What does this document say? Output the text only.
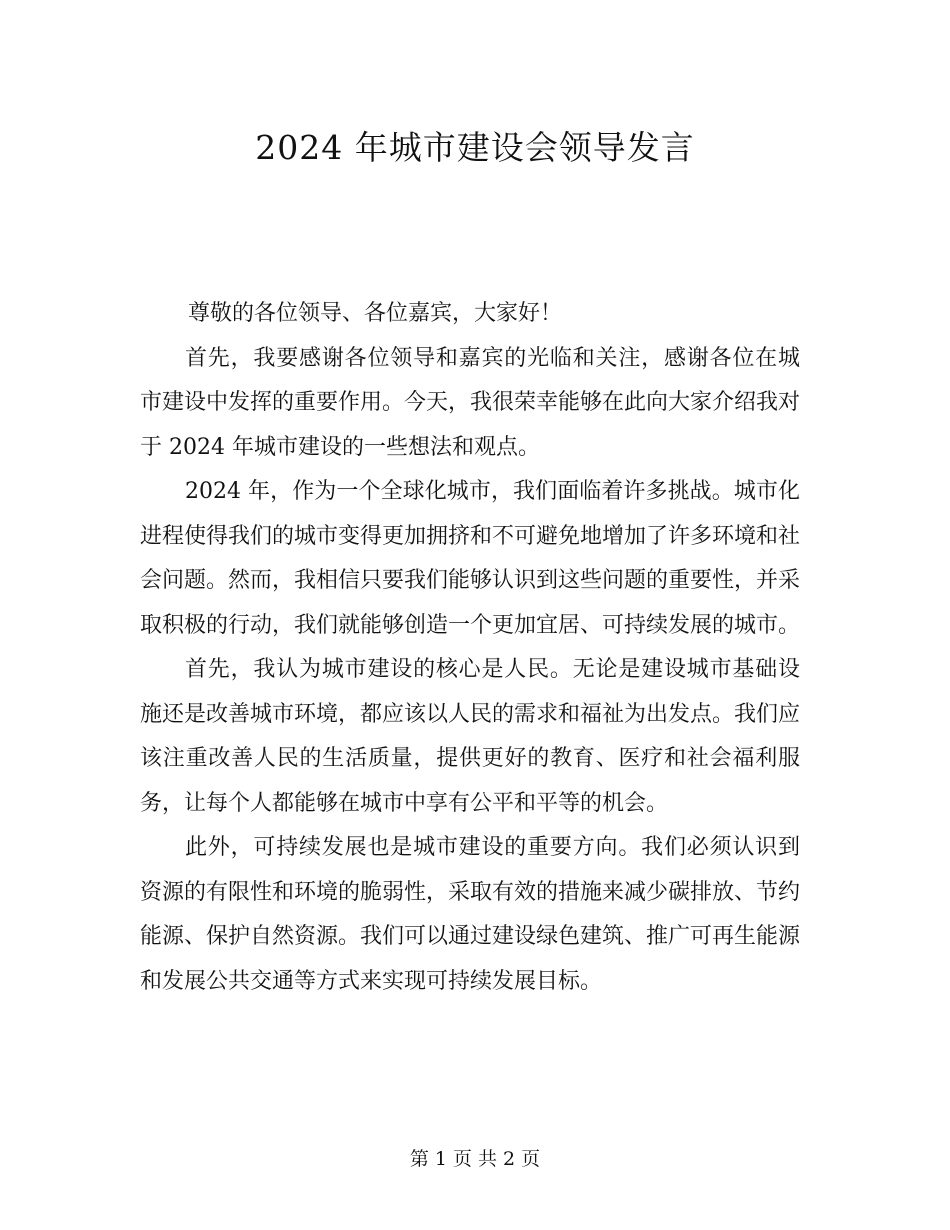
2024 年城市建设会领导发言

尊敬的各位领导、各位嘉宾，大家好！

首先，我要感谢各位领导和嘉宾的光临和关注，感谢各位在城市建设中发挥的重要作用。今天，我很荣幸能够在此向大家介绍我对于 2024 年城市建设的一些想法和观点。

2024 年，作为一个全球化城市，我们面临着许多挑战。城市化进程使得我们的城市变得更加拥挤和不可避免地增加了许多环境和社会问题。然而，我相信只要我们能够认识到这些问题的重要性，并采取积极的行动，我们就能够创造一个更加宜居、可持续发展的城市。

首先，我认为城市建设的核心是人民。无论是建设城市基础设施还是改善城市环境，都应该以人民的需求和福祉为出发点。我们应该注重改善人民的生活质量，提供更好的教育、医疗和社会福利服务，让每个人都能够在城市中享有公平和平等的机会。

此外，可持续发展也是城市建设的重要方向。我们必须认识到资源的有限性和环境的脆弱性，采取有效的措施来减少碳排放、节约能源、保护自然资源。我们可以通过建设绿色建筑、推广可再生能源和发展公共交通等方式来实现可持续发展目标。

第 1 页 共 2 页
